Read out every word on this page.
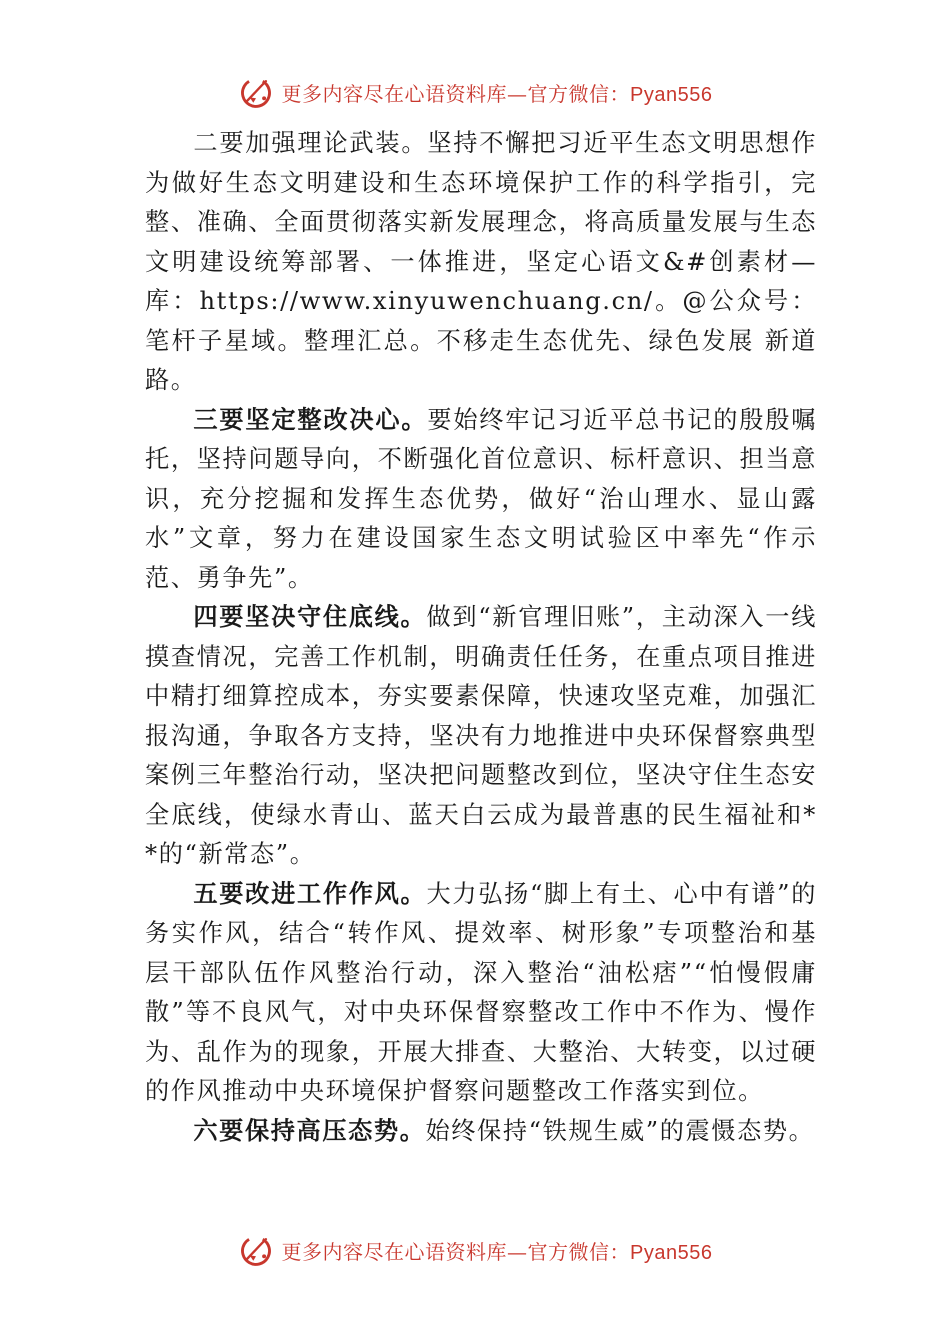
更多内容尽在心语资料库—官方微信：Pyan556

二要加强理论武装。坚持不懈把习近平生态文明思想作为做好生态文明建设和生态环境保护工作的科学指引，完整、准确、全面贯彻落实新发展理念，将高质量发展与生态文明建设统筹部署、一体推进，坚定心语文&#创素材—库：https://www.xinyuwenchuang.cn/。@公众号：笔杆子星域。整理汇总。不移走生态优先、绿色发展 新道路。

三要坚定整改决心。要始终牢记习近平总书记的殷殷嘱托，坚持问题导向，不断强化首位意识、标杆意识、担当意识，充分挖掘和发挥生态优势，做好“治山理水、显山露水”文章，努力在建设国家生态文明试验区中率先“作示范、勇争先”。

四要坚决守住底线。做到“新官理旧账”，主动深入一线摸查情况，完善工作机制，明确责任任务，在重点项目推进中精打细算控成本，夯实要素保障，快速攻坚克难，加强汇报沟通，争取各方支持，坚决有力地推进中央环保督察典型案例三年整治行动，坚决把问题整改到位，坚决守住生态安全底线，使绿水青山、蓝天白云成为最普惠的民生福祉和**的“新常态”。

五要改进工作作风。大力弘扬“脚上有土、心中有谱”的务实作风，结合“转作风、提效率、树形象”专项整治和基层干部队伍作风整治行动，深入整治“油松痞”“怕慢假庸散”等不良风气，对中央环保督察整改工作中不作为、慢作为、乱作为的现象，开展大排查、大整治、大转变，以过硬的作风推动中央环境保护督察问题整改工作落实到位。

六要保持高压态势。始终保持“铁规生威”的震慑态势。

更多内容尽在心语资料库—官方微信：Pyan556
